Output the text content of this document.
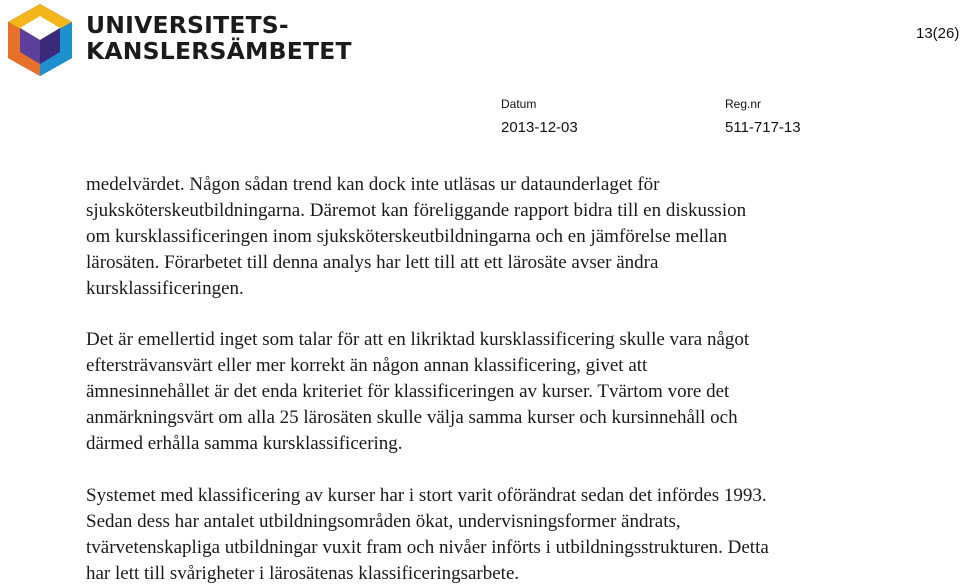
UNIVERSITETS-
KANSLERSÄMBETET
13(26)
Datum	Reg.nr
2013-12-03	511-717-13

medelvärdet. Någon sådan trend kan dock inte utläsas ur dataunderlaget för
sjuksköterskeutbildningarna. Däremot kan föreliggande rapport bidra till en diskussion
om kursklassificeringen inom sjuksköterskeutbildningarna och en jämförelse mellan
lärosäten. Förarbetet till denna analys har lett till att ett lärosäte avser ändra
kursklassificeringen.

Det är emellertid inget som talar för att en likriktad kursklassificering skulle vara något
eftersträvansvärt eller mer korrekt än någon annan klassificering, givet att
ämnesinnehållet är det enda kriteriet för klassificeringen av kurser. Tvärtom vore det
anmärkningsvärt om alla 25 lärosäten skulle välja samma kurser och kursinnehåll och
därmed erhålla samma kursklassificering.

Systemet med klassificering av kurser har i stort varit oförändrat sedan det infördes 1993.
Sedan dess har antalet utbildningsområden ökat, undervisningsformer ändrats,
tvärvetenskapliga utbildningar vuxit fram och nivåer införts i utbildningsstrukturen. Detta
har lett till svårigheter i lärosätenas klassificeringsarbete.
